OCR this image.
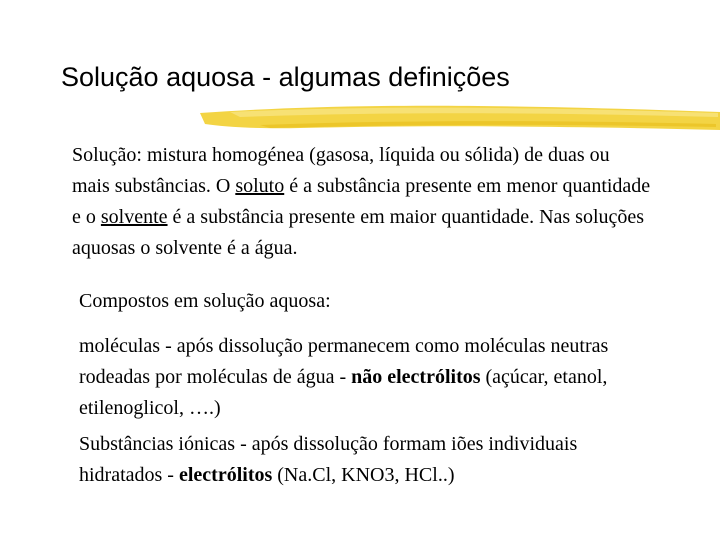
Solução aquosa - algumas definições
Solução: mistura homogénea (gasosa, líquida ou sólida) de duas ou mais substâncias. O soluto é a substância presente em menor quantidade e o solvente é a substância presente em maior quantidade. Nas soluções aquosas o solvente é a água.
Compostos em solução aquosa:
moléculas - após dissolução permanecem como moléculas neutras rodeadas por moléculas de água - não electrólitos (açúcar, etanol, etilenoglicol, ….)
Substâncias iónicas - após dissolução formam iões individuais hidratados - electrólitos (Na.Cl, KNO3, HCl..)
